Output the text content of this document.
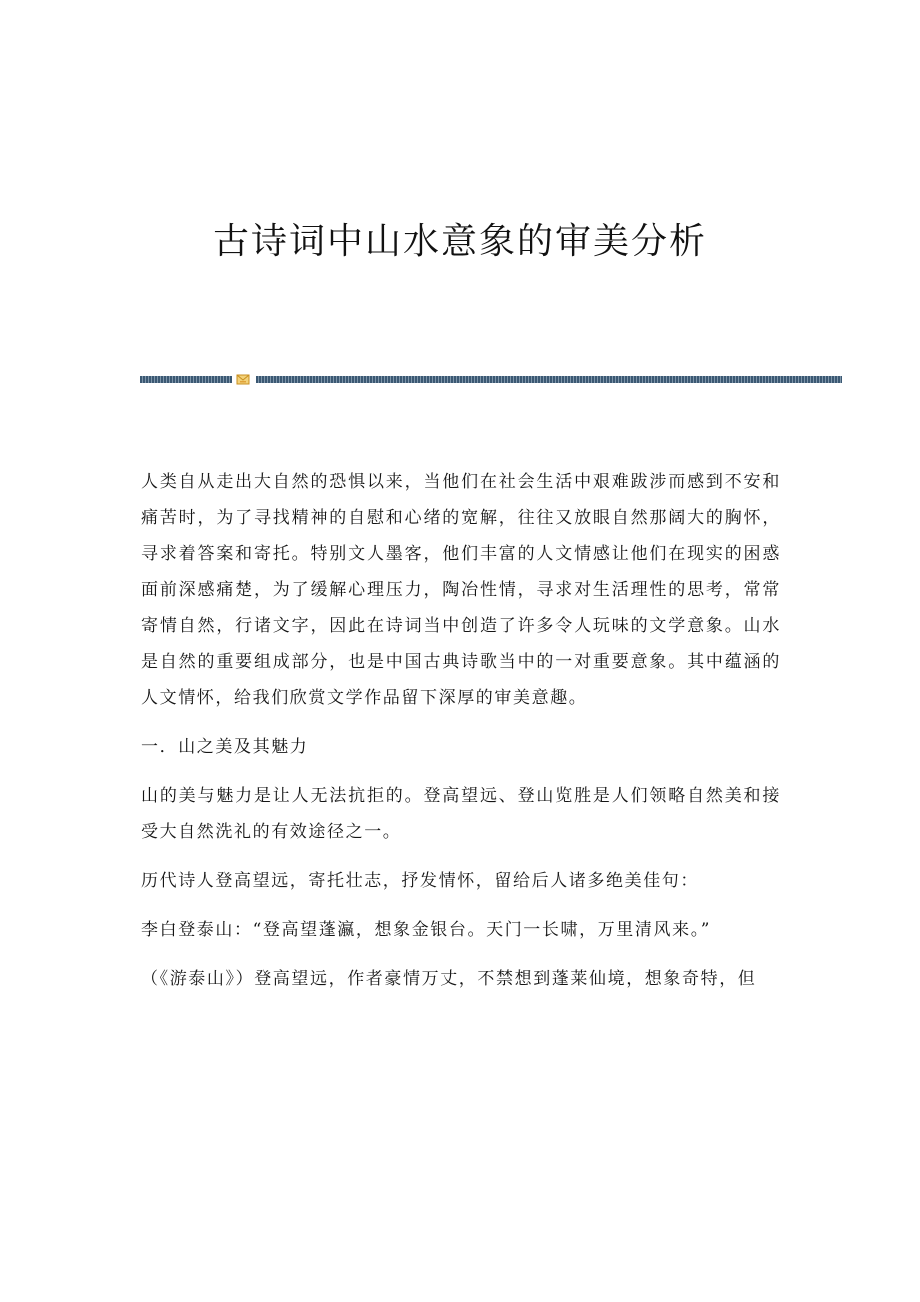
古诗词中山水意象的审美分析

人类自从走出大自然的恐惧以来，当他们在社会生活中艰难跋涉而感到不安和痛苦时，为了寻找精神的自慰和心绪的宽解，往往又放眼自然那阔大的胸怀，寻求着答案和寄托。特别文人墨客，他们丰富的人文情感让他们在现实的困惑面前深感痛楚，为了缓解心理压力，陶冶性情，寻求对生活理性的思考，常常寄情自然，行诸文字，因此在诗词当中创造了许多令人玩味的文学意象。山水是自然的重要组成部分，也是中国古典诗歌当中的一对重要意象。其中蕴涵的人文情怀，给我们欣赏文学作品留下深厚的审美意趣。

一．山之美及其魅力

山的美与魅力是让人无法抗拒的。登高望远、登山览胜是人们领略自然美和接受大自然洗礼的有效途径之一。

历代诗人登高望远，寄托壮志，抒发情怀，留给后人诸多绝美佳句：

李白登泰山：“登高望蓬瀛，想象金银台。天门一长啸，万里清风来。”

（《游泰山》）登高望远，作者豪情万丈，不禁想到蓬莱仙境，想象奇特，但
